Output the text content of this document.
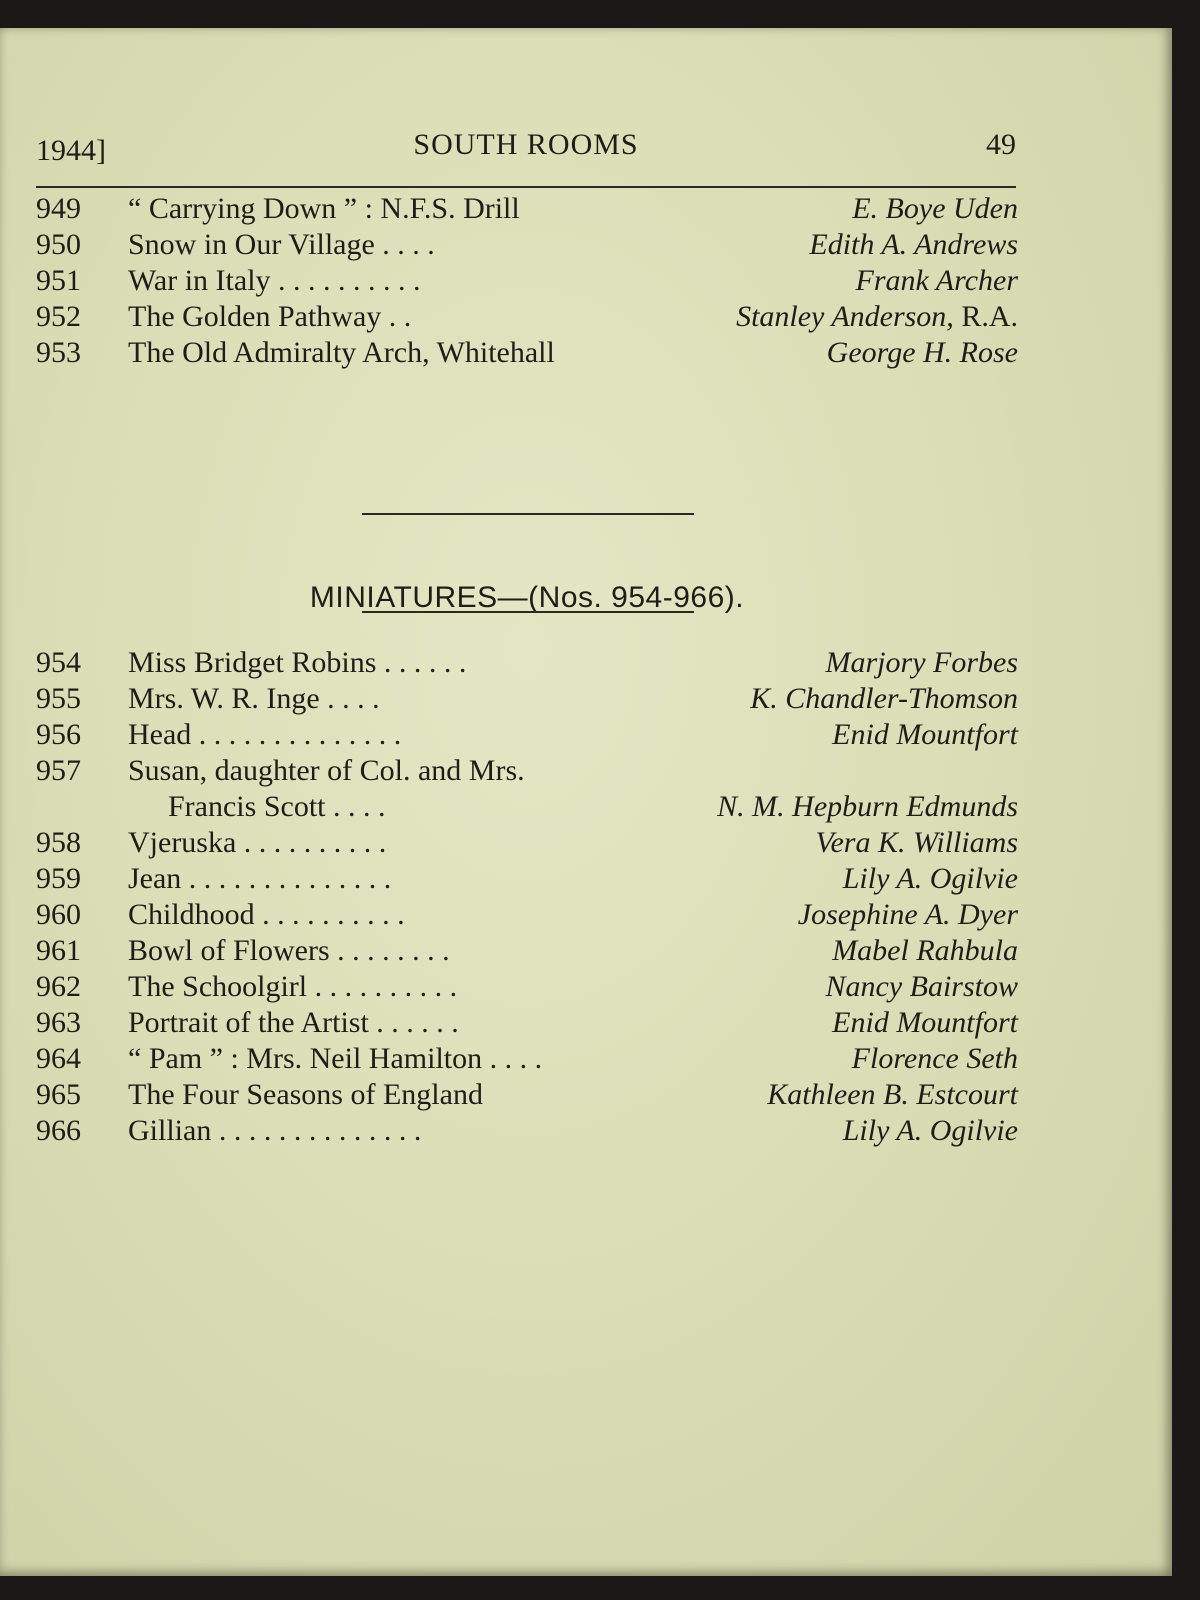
1944]	SOUTH ROOMS	49
949	“ Carrying Down ” : N.F.S. Drill	E. Boye Uden
950	Snow in Our Village . . . .	Edith A. Andrews
951	War in Italy . . . . . . . . . .	Frank Archer
952	The Golden Pathway . .	Stanley Anderson, R.A.
953	The Old Admiralty Arch, Whitehall	George H. Rose
MINIATURES—(Nos. 954-966).
954	Miss Bridget Robins . . . . . .	Marjory Forbes
955	Mrs. W. R. Inge . . . .	K. Chandler-Thomson
956	Head . . . . . . . . . . . . . .	Enid Mountfort
957	Susan, daughter of Col. and Mrs.
Francis Scott . . . .	N. M. Hepburn Edmunds
958	Vjeruska . . . . . . . . . .	Vera K. Williams
959	Jean . . . . . . . . . . . . . .	Lily A. Ogilvie
960	Childhood . . . . . . . . . .	Josephine A. Dyer
961	Bowl of Flowers . . . . . . . .	Mabel Rahbula
962	The Schoolgirl . . . . . . . . . .	Nancy Bairstow
963	Portrait of the Artist . . . . . .	Enid Mountfort
964	“ Pam ” : Mrs. Neil Hamilton . . . .	Florence Seth
965	The Four Seasons of England	Kathleen B. Estcourt
966	Gillian . . . . . . . . . . . . . .	Lily A. Ogilvie
